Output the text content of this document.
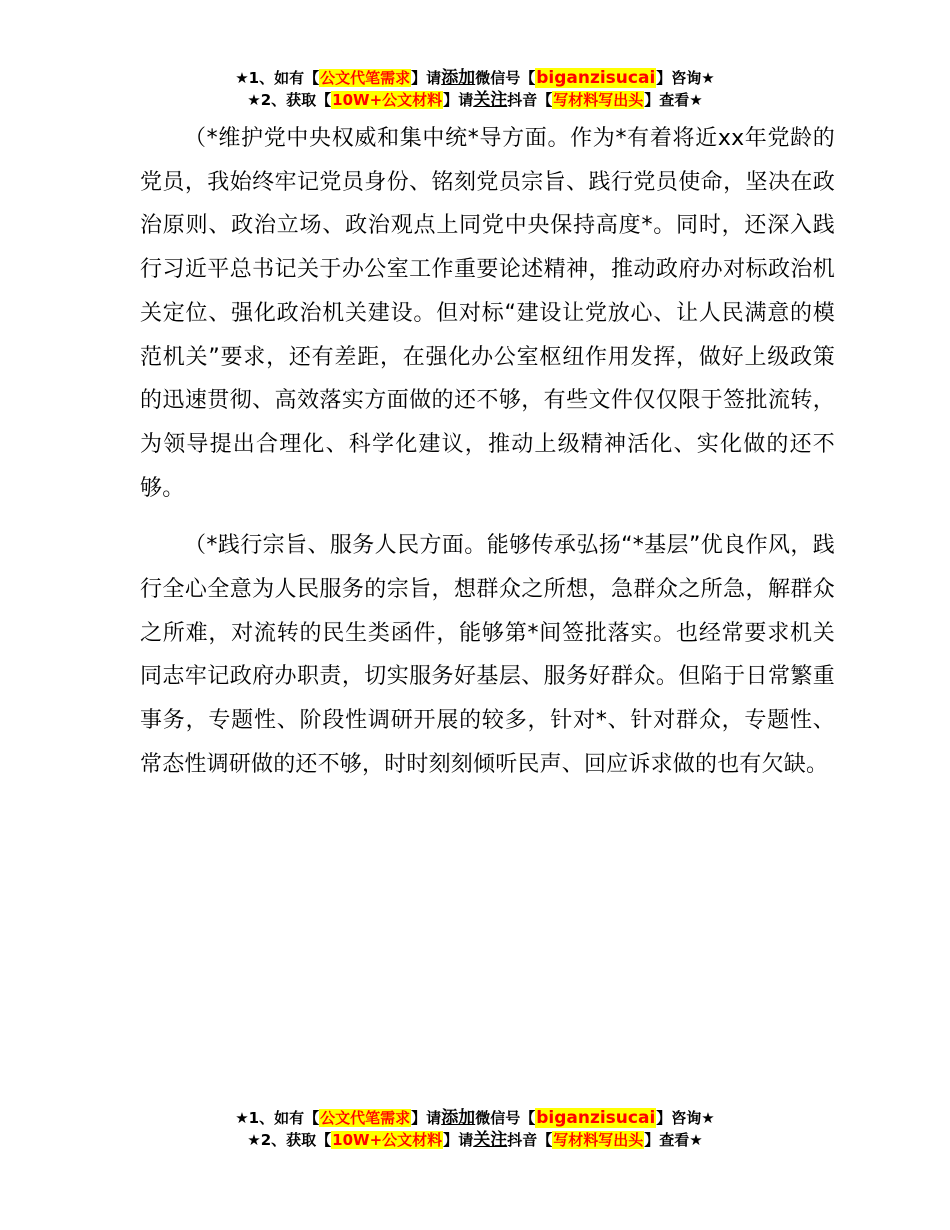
★1、如有【公文代笔需求】请添加微信号【biganzisucai】咨询★
★2、获取【10W+公文材料】请关注抖音【写材料写出头】查看★

（*维护党中央权威和集中统*导方面。作为*有着将近xx年党龄的党员，我始终牢记党员身份、铭刻党员宗旨、践行党员使命，坚决在政治原则、政治立场、政治观点上同党中央保持高度*。同时，还深入践行习近平总书记关于办公室工作重要论述精神，推动政府办对标政治机关定位、强化政治机关建设。但对标“建设让党放心、让人民满意的模范机关”要求，还有差距，在强化办公室枢纽作用发挥，做好上级政策的迅速贯彻、高效落实方面做的还不够，有些文件仅仅限于签批流转，为领导提出合理化、科学化建议，推动上级精神活化、实化做的还不够。

（*践行宗旨、服务人民方面。能够传承弘扬“*基层”优良作风，践行全心全意为人民服务的宗旨，想群众之所想，急群众之所急，解群众之所难，对流转的民生类函件，能够第*间签批落实。也经常要求机关同志牢记政府办职责，切实服务好基层、服务好群众。但陷于日常繁重事务，专题性、阶段性调研开展的较多，针对*、针对群众，专题性、常态性调研做的还不够，时时刻刻倾听民声、回应诉求做的也有欠缺。

★1、如有【公文代笔需求】请添加微信号【biganzisucai】咨询★
★2、获取【10W+公文材料】请关注抖音【写材料写出头】查看★
